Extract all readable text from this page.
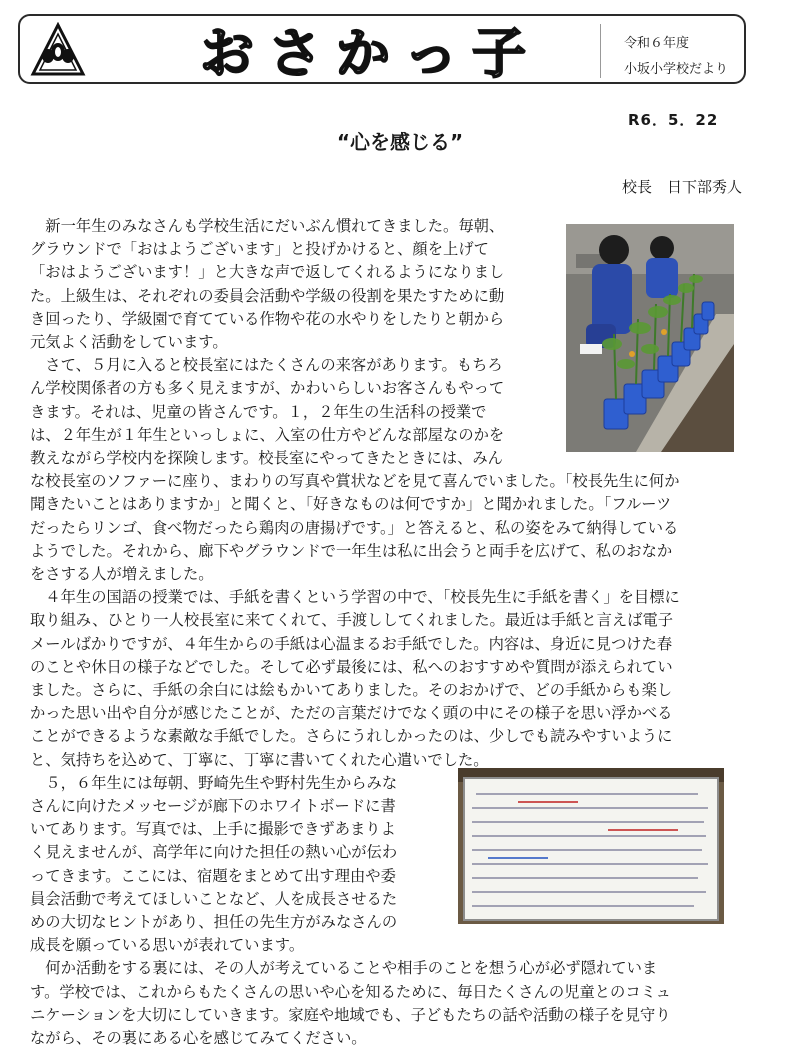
おさかっ子	令和６年度
小坂小学校だより
R6．5．22
“心を感じる”
校長　日下部秀人
　新一年生のみなさんも学校生活にだいぶん慣れてきました。毎朝、
グラウンドで「おはようございます」と投げかけると、顔を上げて
「おはようございます！」と大きな声で返してくれるようになりまし
た。上級生は、それぞれの委員会活動や学級の役割を果たすために動
き回ったり、学級園で育てている作物や花の水やりをしたりと朝から
元気よく活動をしています。
　さて、５月に入ると校長室にはたくさんの来客があります。もちろ
ん学校関係者の方も多く見えますが、かわいらしいお客さんもやって
きます。それは、児童の皆さんです。１，２年生の生活科の授業で
は、２年生が１年生といっしょに、入室の仕方やどんな部屋なのかを
教えながら学校内を探険します。校長室にやってきたときには、みん
な校長室のソファーに座り、まわりの写真や賞状などを見て喜んでいました。「校長先生に何か
聞きたいことはありますか」と聞くと、「好きなものは何ですか」と聞かれました。「フルーツ
だったらリンゴ、食べ物だったら鶏肉の唐揚げです。」と答えると、私の姿をみて納得している
ようでした。それから、廊下やグラウンドで一年生は私に出会うと両手を広げて、私のおなか
をさする人が増えました。
　４年生の国語の授業では、手紙を書くという学習の中で、「校長先生に手紙を書く」を目標に
取り組み、ひとり一人校長室に来てくれて、手渡ししてくれました。最近は手紙と言えば電子
メールばかりですが、４年生からの手紙は心温まるお手紙でした。内容は、身近に見つけた春
のことや休日の様子などでした。そして必ず最後には、私へのおすすめや質問が添えられてい
ました。さらに、手紙の余白には絵もかいてありました。そのおかげで、どの手紙からも楽し
かった思い出や自分が感じたことが、ただの言葉だけでなく頭の中にその様子を思い浮かべる
ことができるような素敵な手紙でした。さらにうれしかったのは、少しでも読みやすいように
と、気持ちを込めて、丁寧に、丁寧に書いてくれた心遣いでした。
　５，６年生には毎朝、野崎先生や野村先生からみな
さんに向けたメッセージが廊下のホワイトボードに書
いてあります。写真では、上手に撮影できずあまりよ
く見えませんが、高学年に向けた担任の熱い心が伝わ
ってきます。ここには、宿題をまとめて出す理由や委
員会活動で考えてほしいことなど、人を成長させるた
めの大切なヒントがあり、担任の先生方がみなさんの
成長を願っている思いが表れています。
　何か活動をする裏には、その人が考えていることや相手のことを想う心が必ず隠れていま
す。学校では、これからもたくさんの思いや心を知るために、毎日たくさんの児童とのコミュ
ニケーションを大切にしていきます。家庭や地域でも、子どもたちの話や活動の様子を見守り
ながら、その裏にある心を感じてみてください。
